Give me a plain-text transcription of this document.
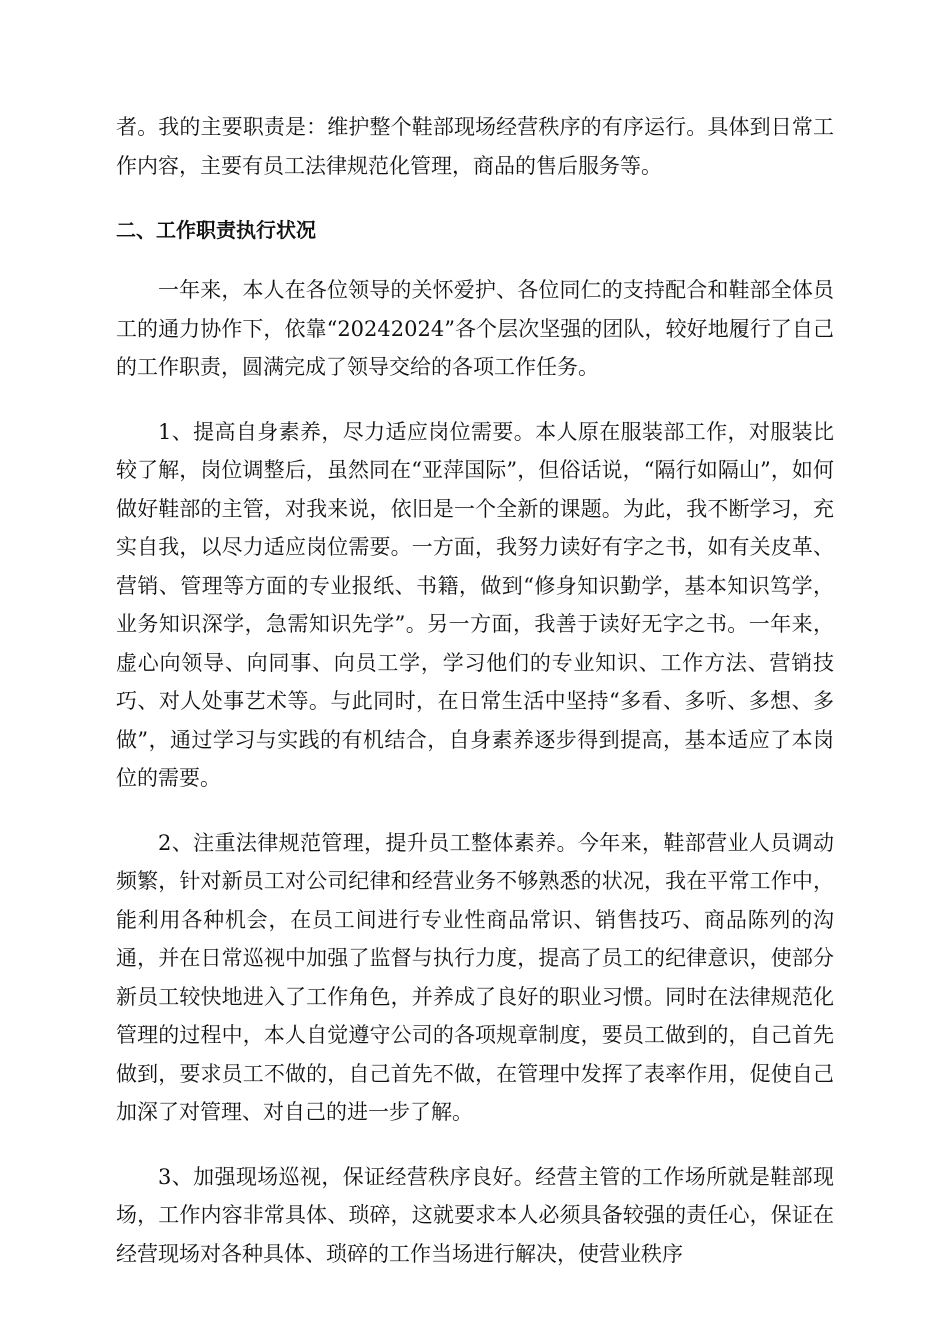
者。我的主要职责是：维护整个鞋部现场经营秩序的有序运行。具体到日常工作内容，主要有员工法律规范化管理，商品的售后服务等。

二、工作职责执行状况

一年来，本人在各位领导的关怀爱护、各位同仁的支持配合和鞋部全体员工的通力协作下，依靠“20242024”各个层次坚强的团队，较好地履行了自己的工作职责，圆满完成了领导交给的各项工作任务。

1、提高自身素养，尽力适应岗位需要。本人原在服装部工作，对服装比较了解，岗位调整后，虽然同在“亚萍国际”，但俗话说，“隔行如隔山”，如何做好鞋部的主管，对我来说，依旧是一个全新的课题。为此，我不断学习，充实自我，以尽力适应岗位需要。一方面，我努力读好有字之书，如有关皮革、营销、管理等方面的专业报纸、书籍，做到“修身知识勤学，基本知识笃学，业务知识深学，急需知识先学”。另一方面，我善于读好无字之书。一年来，虚心向领导、向同事、向员工学，学习他们的专业知识、工作方法、营销技巧、对人处事艺术等。与此同时，在日常生活中坚持“多看、多听、多想、多做”，通过学习与实践的有机结合，自身素养逐步得到提高，基本适应了本岗位的需要。

2、注重法律规范管理，提升员工整体素养。今年来，鞋部营业人员调动频繁，针对新员工对公司纪律和经营业务不够熟悉的状况，我在平常工作中，能利用各种机会，在员工间进行专业性商品常识、销售技巧、商品陈列的沟通，并在日常巡视中加强了监督与执行力度，提高了员工的纪律意识，使部分新员工较快地进入了工作角色，并养成了良好的职业习惯。同时在法律规范化管理的过程中，本人自觉遵守公司的各项规章制度，要员工做到的，自己首先做到，要求员工不做的，自己首先不做，在管理中发挥了表率作用，促使自己加深了对管理、对自己的进一步了解。

3、加强现场巡视，保证经营秩序良好。经营主管的工作场所就是鞋部现场，工作内容非常具体、琐碎，这就要求本人必须具备较强的责任心，保证在经营现场对各种具体、琐碎的工作当场进行解决，使营业秩序
